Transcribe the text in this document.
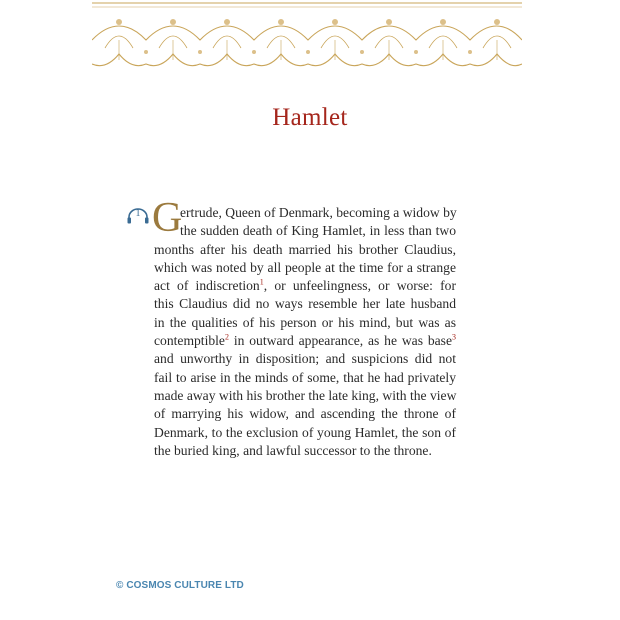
Hamlet
1 G
ertrude, Queen of Denmark, becoming a widow by
the sudden death of King Hamlet, in less than two
months after his death married his brother Claudius,
which was noted by all people at the time for a strange
act of indiscretion$^1$, or unfeelingness, or worse: for
this Claudius did no ways resemble her late husband
in the qualities of his person or his mind, but was as
contemptible$^2$ in outward appearance, as he was base$^3$
and unworthy in disposition; and suspicions did not
fail to arise in the minds of some, that he had privately
made away with his brother the late king, with the view
of marrying his widow, and ascending the throne of
Denmark, to the exclusion of young Hamlet, the son of
the buried king, and lawful successor to the throne.
© COSMOS CULTURE LTD
